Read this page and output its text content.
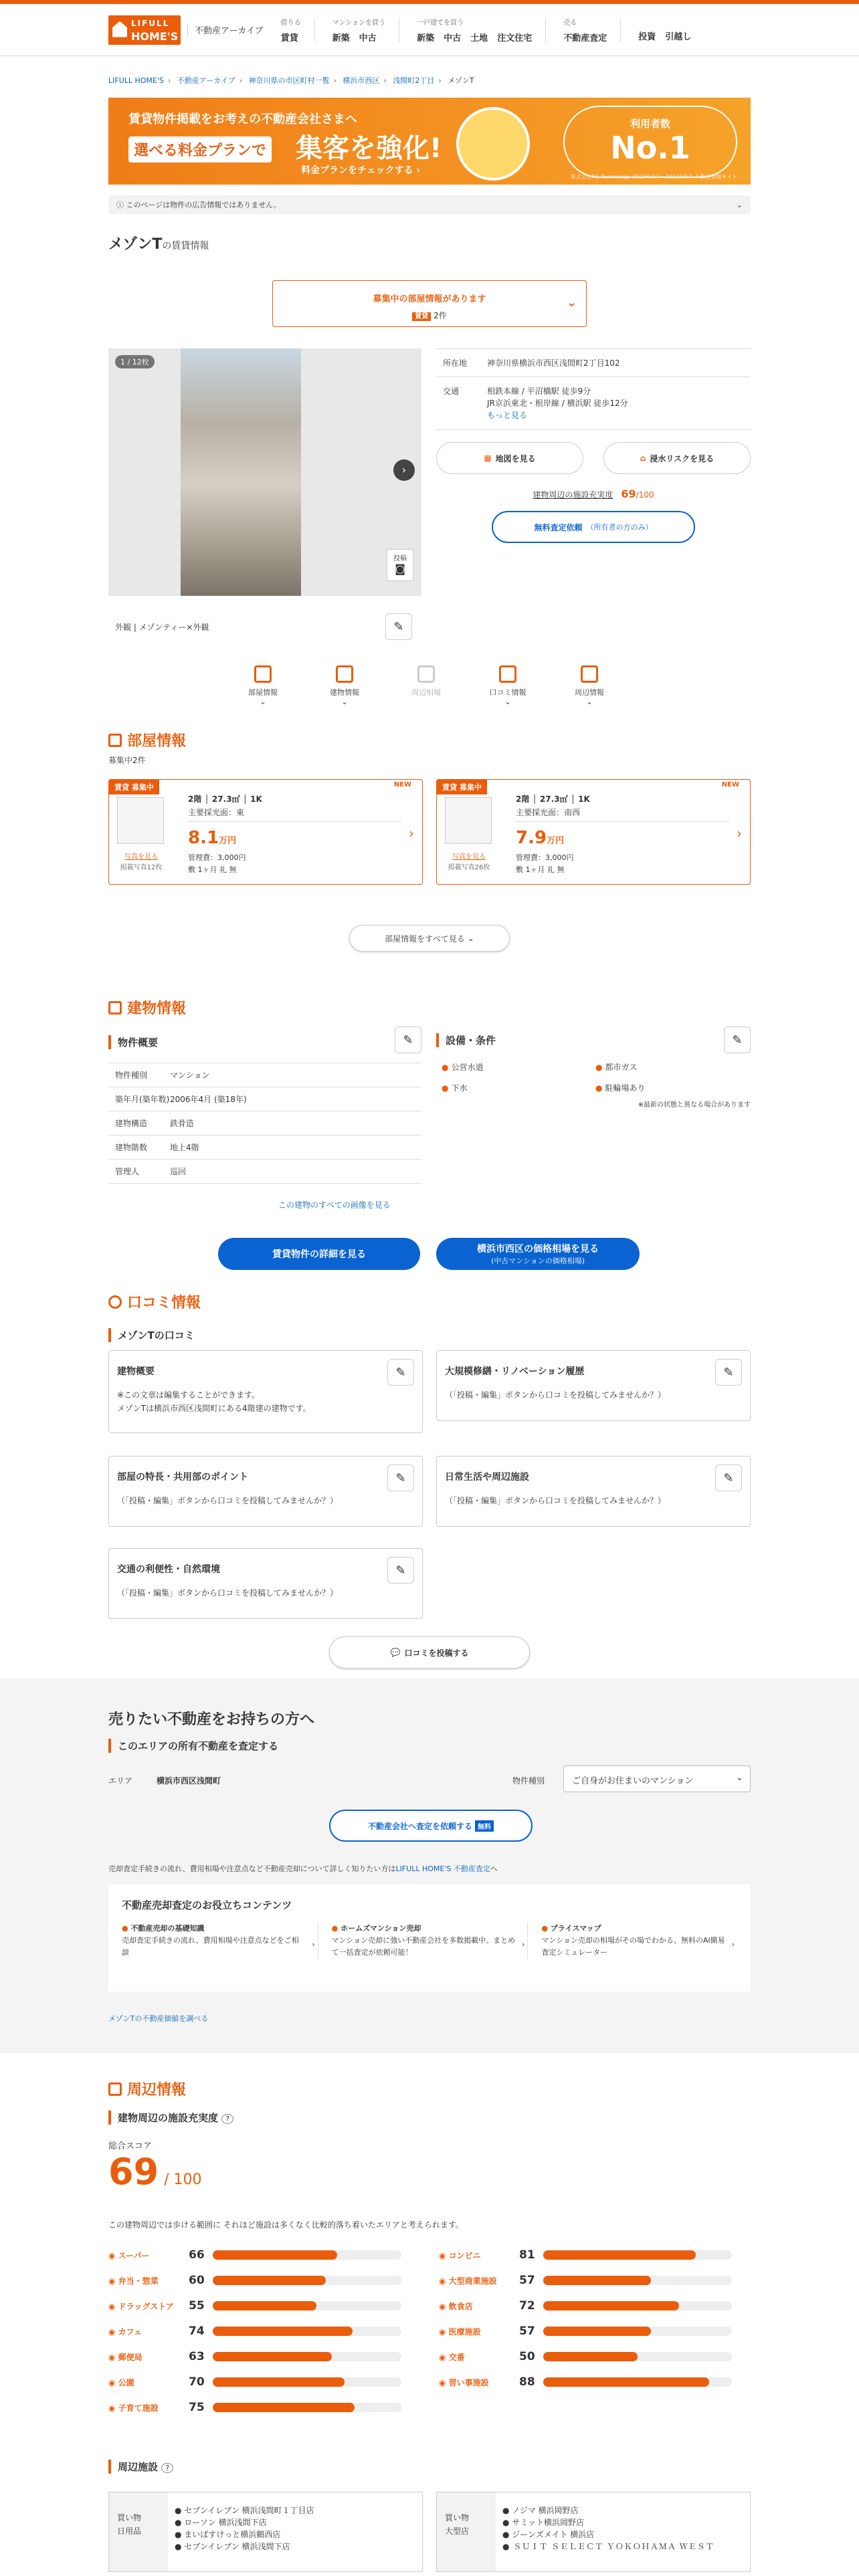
LIFULL
HOME'S	不動産アーカイブ
借りる
賃貸
マンションを買う
新築 中古
一戸建てを買う
新築 中古 土地 注文住宅
売る
不動産査定
	投資 引越し
LIFULL HOME'S › 不動産アーカイブ › 神奈川県の市区町村一覧 › 横浜市西区 › 浅間町2丁目 › メゾンT
賃貸物件掲載をお考えの不動産会社さまへ
選べる料金プランで 集客を強化!
料金プランをチェックする ›
利用者数
No.1
株式会社PC Technology 2022年8月～2022年9月 不動産情報サイト
ⓘ このページは物件の広告情報ではありません。	⌄
メゾンTの賃貸情報
募集中の部屋情報があります
賃貸 2件
⌄
1 / 12枚
›
投稿
◙
外観 | メゾンティー×外観	✎
所在地	神奈川県横浜市西区浅間町2丁目102
交通	相鉄本線 / 平沼橋駅 徒歩9分
JR京浜東北・根岸線 / 横浜駅 徒歩12分
もっと見る
▦ 地図を見る	⌂ 浸水リスクを見る
建物周辺の施設充実度　 69/100
無料査定依頼 （所有者の方のみ）
部屋情報
⌄
建物情報
⌄
周辺相場	口コミ情報
⌄
周辺情報
⌄
部屋情報
募集中2件
賃貸 募集中	NEW
写真を見る
掲載写真12枚
2階 │ 27.3㎡ │ 1K
主要採光面：東
8.1万円
管理費：3,000円
敷 1ヶ月 礼 無
›
賃貸 募集中	NEW
写真を見る
掲載写真26枚
2階 │ 27.3㎡ │ 1K
主要採光面：南西
7.9万円
管理費：3,000円
敷 1ヶ月 礼 無
›
部屋情報をすべて見る ⌄
建物情報
物件概要	✎	設備・条件	✎
物件種別	マンション
築年月(築年数) 2006年4月 (築18年)
建物構造	鉄骨造
建物階数	地上4階
管理人	巡回
● 公営水道	● 都市ガス
● 下水	● 駐輪場あり
※最新の状態と異なる場合があります
この建物のすべての画像を見る
賃貸物件の詳細を見る	横浜市西区の価格相場を見る
(中古マンションの価格相場)
口コミ情報
メゾンTの口コミ
建物概要
※この文章は編集することができます。
メゾンTは横浜市西区浅間町にある4階建の建物です。
✎	大規模修繕・リノベーション履歴
（「投稿・編集」ボタンから口コミを投稿してみませんか？）
✎
部屋の特長・共用部のポイント
（「投稿・編集」ボタンから口コミを投稿してみませんか？）
✎	日常生活や周辺施設
（「投稿・編集」ボタンから口コミを投稿してみませんか？）
✎
交通の利便性・自然環境
（「投稿・編集」ボタンから口コミを投稿してみませんか？）
✎
💬 口コミを投稿する
売りたい不動産をお持ちの方へ
このエリアの所有不動産を査定する
エリア　　　	横浜市西区浅間町	物件種別	ご自身がお住まいのマンション	⌄
不動産会社へ査定を依頼する 無料
売却査定手続きの流れ、費用相場や注意点など不動産売却について詳しく知りたい方はLIFULL HOME'S 不動産査定へ
不動産売却査定のお役立ちコンテンツ
● 不動産売却の基礎知識
売却査定手続きの流れ、費用相場や注意点などをご相談
›
● ホームズマンション売却
マンション売却に強い不動産会社を多数掲載中。まとめて一括査定が依頼可能！
›
● プライスマップ
マンション売却の相場がその場でわかる、無料のAI簡易査定シミュレーター
›
メゾンTの不動産価値を調べる
周辺情報
建物周辺の施設充実度 ?
総合スコア
69 / 100
この建物周辺では歩ける範囲に それほど施設は多くなく比較的落ち着いたエリアと考えられます。
周辺施設 ?
買い物
日用品
● セブンイレブン 横浜浅間町１丁目店
● ローソン 横浜浅間下店
● まいばすけっと横浜鶴西店
● セブンイレブン 横浜浅間下店
買い物
大型店
● ノジマ 横浜岡野店
● サミット横浜岡野店
● ジーンズメイト 横浜店
● ＳＵＩＴ ＳＥＬＥＣＴ ＹＯＫＯＨＡＭＡ ＷＥＳＴ
◉ スーパー	66
◉ 弁当・惣菜	60
◉ ドラッグストア	55
◉ カフェ	74
◉ 郵便局	63
◉ 公園	70
◉ 子育て施設	75
◉ コンビニ	81
◉ 大型商業施設	57
◉ 飲食店	72
◉ 医療施設	57
◉ 交番	50
◉ 習い事施設	88
